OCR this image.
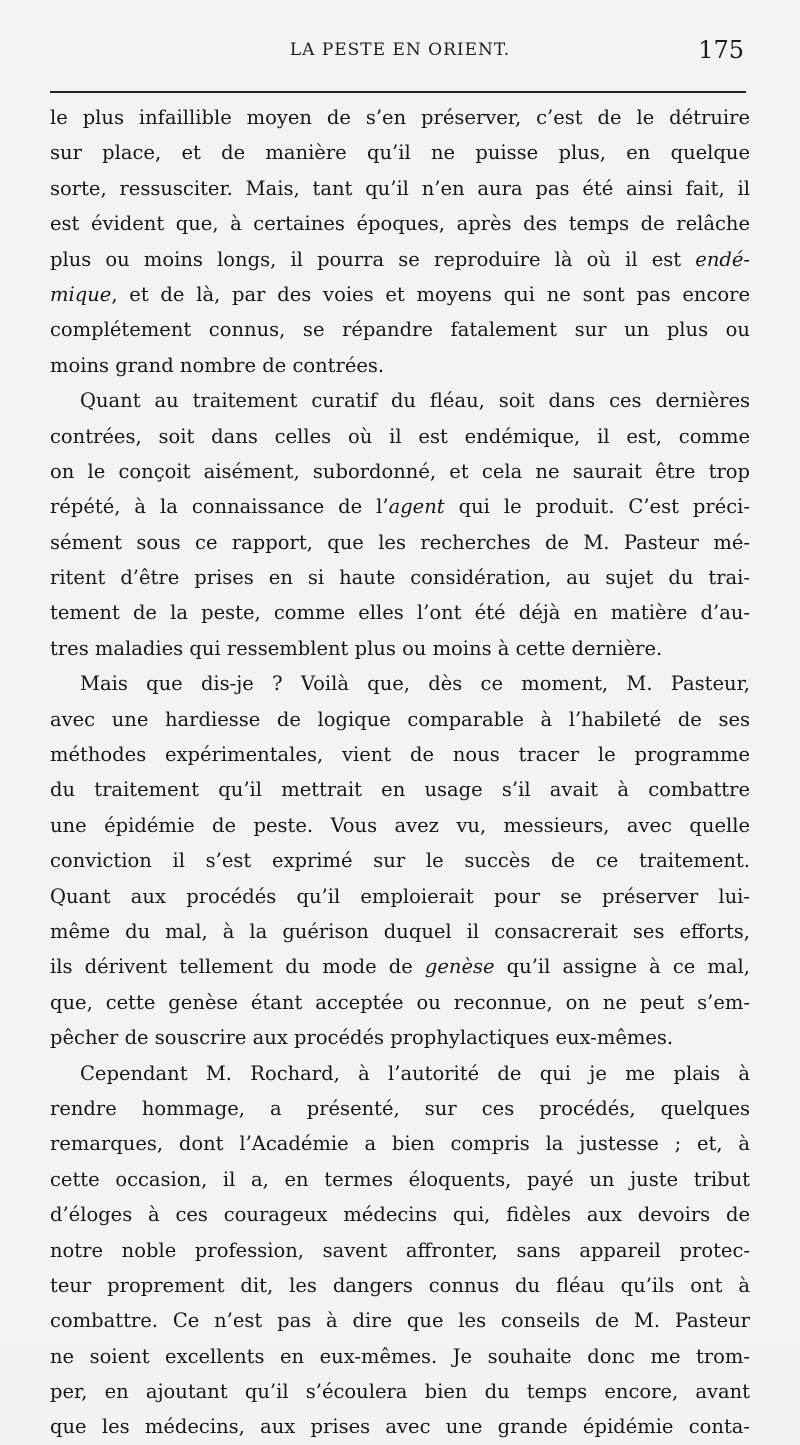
LA PESTE EN ORIENT.	175
le plus infaillible moyen de s’en préserver, c’est de le détruire
sur place, et de manière qu’il ne puisse plus, en quelque
sorte, ressusciter. Mais, tant qu’il n’en aura pas été ainsi fait, il
est évident que, à certaines époques, après des temps de relâche
plus ou moins longs, il pourra se reproduire là où il est endé-
mique, et de là, par des voies et moyens qui ne sont pas encore
complétement connus, se répandre fatalement sur un plus ou
moins grand nombre de contrées.
Quant au traitement curatif du fléau, soit dans ces dernières
contrées, soit dans celles où il est endémique, il est, comme
on le conçoit aisément, subordonné, et cela ne saurait être trop
répété, à la connaissance de l’agent qui le produit. C’est préci-
sément sous ce rapport, que les recherches de M. Pasteur mé-
ritent d’être prises en si haute considération, au sujet du trai-
tement de la peste, comme elles l’ont été déjà en matière d’au-
tres maladies qui ressemblent plus ou moins à cette dernière.
Mais que dis-je ? Voilà que, dès ce moment, M. Pasteur,
avec une hardiesse de logique comparable à l’habileté de ses
méthodes expérimentales, vient de nous tracer le programme
du traitement qu’il mettrait en usage s’il avait à combattre
une épidémie de peste. Vous avez vu, messieurs, avec quelle
conviction il s’est exprimé sur le succès de ce traitement.
Quant aux procédés qu’il emploierait pour se préserver lui-
même du mal, à la guérison duquel il consacrerait ses efforts,
ils dérivent tellement du mode de genèse qu’il assigne à ce mal,
que, cette genèse étant acceptée ou reconnue, on ne peut s’em-
pêcher de souscrire aux procédés prophylactiques eux-mêmes.
Cependant M. Rochard, à l’autorité de qui je me plais à
rendre hommage, a présenté, sur ces procédés, quelques
remarques, dont l’Académie a bien compris la justesse ; et, à
cette occasion, il a, en termes éloquents, payé un juste tribut
d’éloges à ces courageux médecins qui, fidèles aux devoirs de
notre noble profession, savent affronter, sans appareil protec-
teur proprement dit, les dangers connus du fléau qu’ils ont à
combattre. Ce n’est pas à dire que les conseils de M. Pasteur
ne soient excellents en eux-mêmes. Je souhaite donc me trom-
per, en ajoutant qu’il s’écoulera bien du temps encore, avant
que les médecins, aux prises avec une grande épidémie conta-
